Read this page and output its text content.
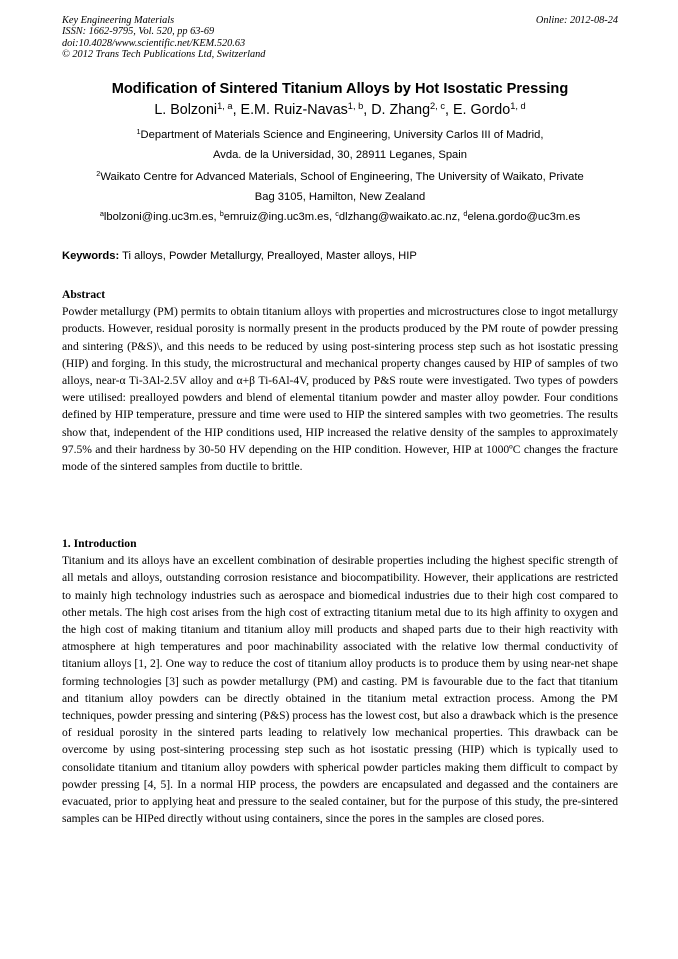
Key Engineering Materials
ISSN: 1662-9795, Vol. 520, pp 63-69
doi:10.4028/www.scientific.net/KEM.520.63
© 2012 Trans Tech Publications Ltd, Switzerland
Online: 2012-08-24
Modification of Sintered Titanium Alloys by Hot Isostatic Pressing
L. Bolzoni$^{1, a}$, E.M. Ruiz-Navas$^{1, b}$, D. Zhang$^{2, c}$, E. Gordo$^{1, d}$
$^1$Department of Materials Science and Engineering, University Carlos III of Madrid,
Avda. de la Universidad, 30, 28911 Leganes, Spain
$^2$Waikato Centre for Advanced Materials, School of Engineering, The University of Waikato, Private
Bag 3105, Hamilton, New Zealand
$^a$lbolzoni@ing.uc3m.es, $^b$emruiz@ing.uc3m.es, $^c$dlzhang@waikato.ac.nz, $^d$elena.gordo@uc3m.es
Keywords: Ti alloys, Powder Metallurgy, Prealloyed, Master alloys, HIP
Abstract
Powder metallurgy (PM) permits to obtain titanium alloys with properties and microstructures close to ingot metallurgy products. However, residual porosity is normally present in the products produced by the PM route of powder pressing and sintering (P&S)\, and this needs to be reduced by using post-sintering process step such as hot isostatic pressing (HIP) and forging. In this study, the microstructural and mechanical property changes caused by HIP of samples of two alloys, near-α Ti-3Al-2.5V alloy and α+β Ti-6Al-4V, produced by P&S route were investigated. Two types of powders were utilised: prealloyed powders and blend of elemental titanium powder and master alloy powder. Four conditions defined by HIP temperature, pressure and time were used to HIP the sintered samples with two geometries. The results show that, independent of the HIP conditions used, HIP increased the relative density of the samples to approximately 97.5% and their hardness by 30-50 HV depending on the HIP condition. However, HIP at 1000ºC changes the fracture mode of the sintered samples from ductile to brittle.
1. Introduction
Titanium and its alloys have an excellent combination of desirable properties including the highest specific strength of all metals and alloys, outstanding corrosion resistance and biocompatibility. However, their applications are restricted to mainly high technology industries such as aerospace and biomedical industries due to their high cost compared to other metals. The high cost arises from the high cost of extracting titanium metal due to its high affinity to oxygen and the high cost of making titanium and titanium alloy mill products and shaped parts due to their high reactivity with atmosphere at high temperatures and poor machinability associated with the relative low thermal conductivity of titanium alloys [1, 2]. One way to reduce the cost of titanium alloy products is to produce them by using near-net shape forming technologies [3] such as powder metallurgy (PM) and casting. PM is favourable due to the fact that titanium and titanium alloy powders can be directly obtained in the titanium metal extraction process. Among the PM techniques, powder pressing and sintering (P&S) process has the lowest cost, but also a drawback which is the presence of residual porosity in the sintered parts leading to relatively low mechanical properties. This drawback can be overcome by using post-sintering processing step such as hot isostatic pressing (HIP) which is typically used to consolidate titanium and titanium alloy powders with spherical powder particles making them difficult to compact by powder pressing [4, 5]. In a normal HIP process, the powders are encapsulated and degassed and the containers are evacuated, prior to applying heat and pressure to the sealed container, but for the purpose of this study, the pre-sintered samples can be HIPed directly without using containers, since the pores in the samples are closed pores.
